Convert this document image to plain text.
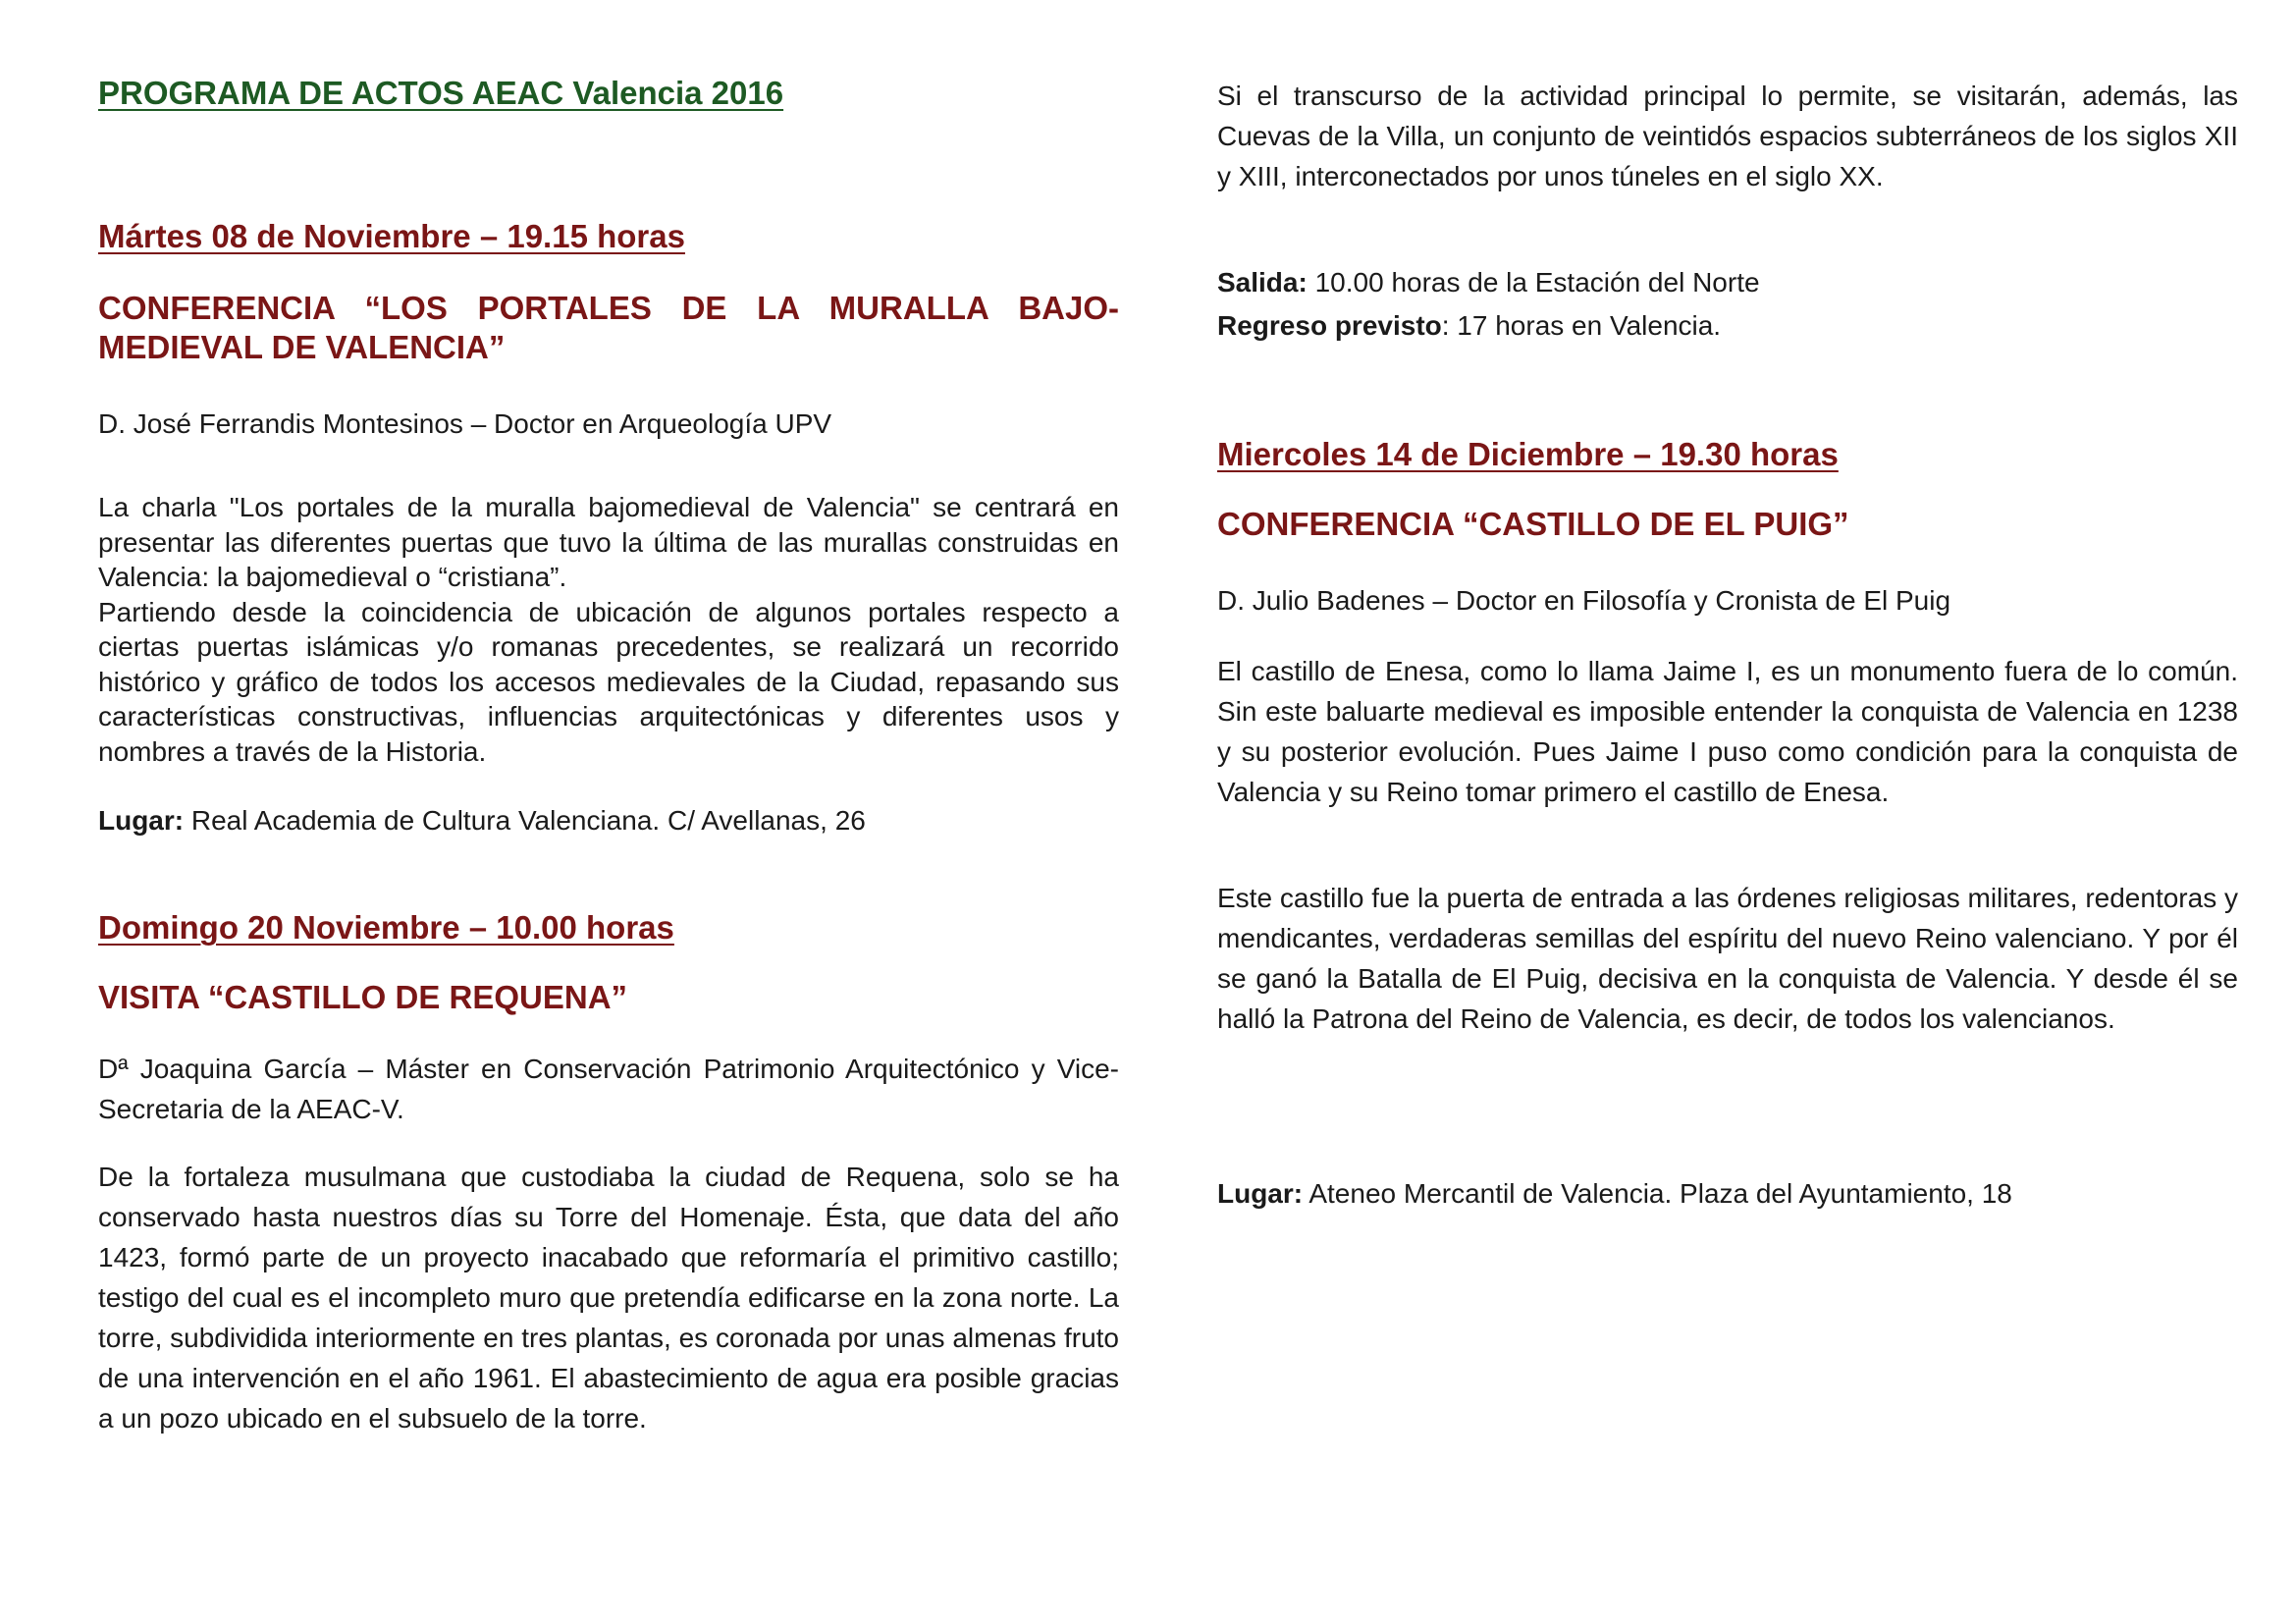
PROGRAMA DE ACTOS AEAC Valencia 2016
Mártes 08 de Noviembre – 19.15 horas
CONFERENCIA “LOS PORTALES DE LA MURALLA BAJO-MEDIEVAL DE VALENCIA”
D. José Ferrandis Montesinos – Doctor en Arqueología UPV
La charla "Los portales de la muralla bajomedieval de Valencia" se centrará en presentar las diferentes puertas que tuvo la última de las murallas construidas en Valencia: la bajomedieval o “cristiana”.
Partiendo desde la coincidencia de ubicación de algunos portales respecto a ciertas puertas islámicas y/o romanas precedentes, se realizará un recorrido histórico y gráfico de todos los accesos medievales de la Ciudad, repasando sus características constructivas, influencias arquitectónicas y diferentes usos y nombres a través de la Historia.
Lugar: Real Academia de Cultura Valenciana. C/ Avellanas, 26
Domingo 20 Noviembre – 10.00 horas
VISITA “CASTILLO DE REQUENA”
Dª Joaquina García – Máster en Conservación Patrimonio Arquitectónico y Vice-Secretaria de la AEAC-V.
De la fortaleza musulmana que custodiaba la ciudad de Requena, solo se ha conservado hasta nuestros días su Torre del Homenaje. Ésta, que data del año 1423, formó parte de un proyecto inacabado que reformaría el primitivo castillo; testigo del cual es el incompleto muro que pretendía edificarse en la zona norte. La torre, subdividida interiormente en tres plantas, es coronada por unas almenas fruto de una intervención en el año 1961. El abastecimiento de agua era posible gracias a un pozo ubicado en el subsuelo de la torre.
Si el transcurso de la actividad principal lo permite, se visitarán, además, las Cuevas de la Villa, un conjunto de veintidós espacios subterráneos de los siglos XII y XIII, interconectados por unos túneles en el siglo XX.
Salida: 10.00 horas de la Estación del Norte
Regreso previsto: 17 horas en Valencia.
Miercoles 14 de Diciembre – 19.30 horas
CONFERENCIA “CASTILLO DE EL PUIG”
D. Julio Badenes – Doctor en Filosofía y Cronista de El Puig
El castillo de Enesa, como lo llama Jaime I, es un monumento fuera de lo común. Sin este baluarte medieval es imposible entender la conquista de Valencia en 1238 y su posterior evolución. Pues Jaime I puso como condición para la conquista de Valencia y su Reino tomar primero el castillo de Enesa.
Este castillo fue la puerta de entrada a las órdenes religiosas militares, redentoras y mendicantes, verdaderas semillas del espíritu del nuevo Reino valenciano. Y por él se ganó la Batalla de El Puig, decisiva en la conquista de Valencia. Y desde él se halló la Patrona del Reino de Valencia, es decir, de todos los valencianos.
Lugar: Ateneo Mercantil de Valencia. Plaza del Ayuntamiento, 18
